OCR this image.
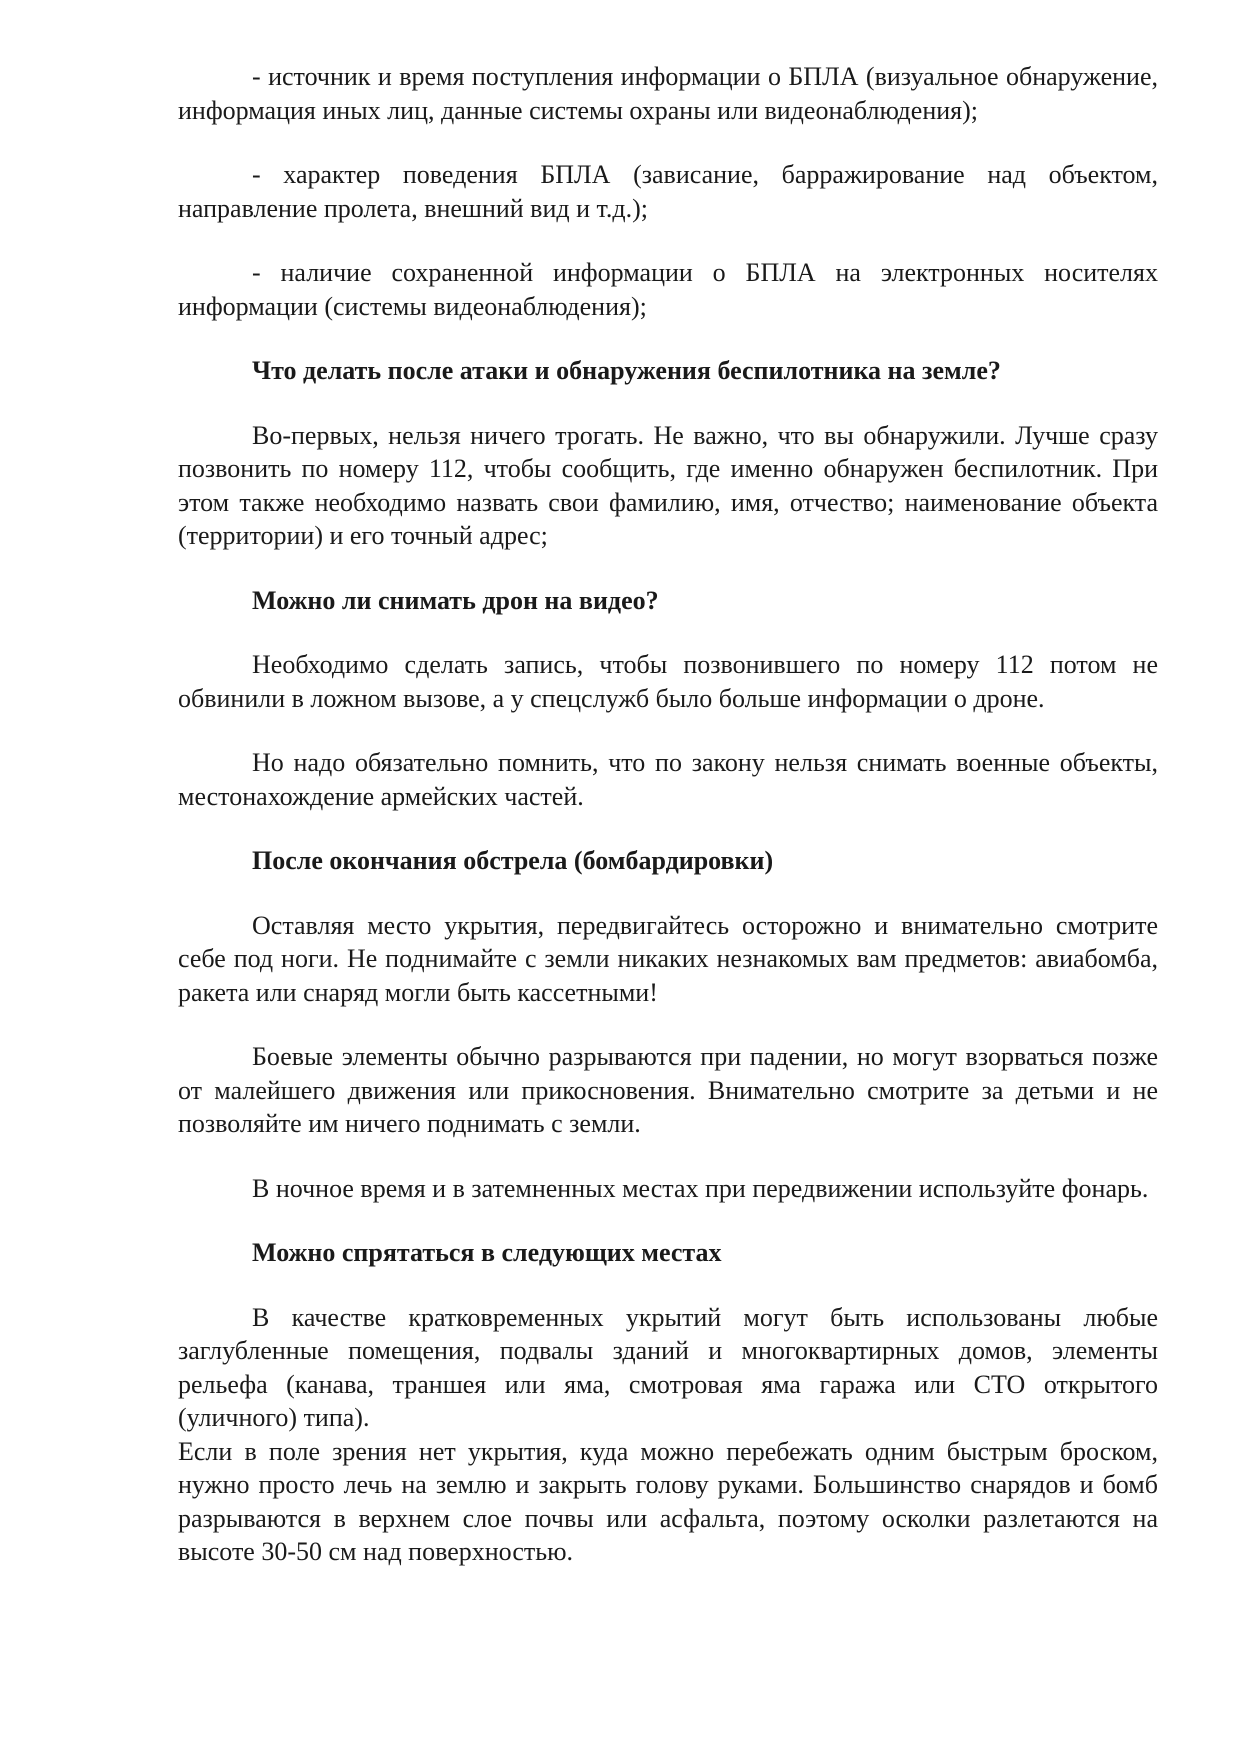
- источник и время поступления информации о БПЛА (визуальное обнаружение, информация иных лиц, данные системы охраны или видеонаблюдения);

- характер поведения БПЛА (зависание, барражирование над объектом, направление пролета, внешний вид и т.д.);

- наличие сохраненной информации о БПЛА на электронных носителях информации (системы видеонаблюдения);

Что делать после атаки и обнаружения беспилотника на земле?

Во-первых, нельзя ничего трогать. Не важно, что вы обнаружили. Лучше сразу позвонить по номеру 112, чтобы сообщить, где именно обнаружен беспилотник. При этом также необходимо назвать свои фамилию, имя, отчество; наименование объекта (территории) и его точный адрес;

Можно ли снимать дрон на видео?

Необходимо сделать запись, чтобы позвонившего по номеру 112 потом не обвинили в ложном вызове, а у спецслужб было больше информации о дроне.

Но надо обязательно помнить, что по закону нельзя снимать военные объекты, местонахождение армейских частей.

После окончания обстрела (бомбардировки)

Оставляя место укрытия, передвигайтесь осторожно и внимательно смотрите себе под ноги. Не поднимайте с земли никаких незнакомых вам предметов: авиабомба, ракета или снаряд могли быть кассетными!

Боевые элементы обычно разрываются при падении, но могут взорваться позже от малейшего движения или прикосновения. Внимательно смотрите за детьми и не позволяйте им ничего поднимать с земли.

В ночное время и в затемненных местах при передвижении используйте фонарь.

Можно спрятаться в следующих местах

В качестве кратковременных укрытий могут быть использованы любые заглубленные помещения, подвалы зданий и многоквартирных домов, элементы рельефа (канава, траншея или яма, смотровая яма гаража или СТО открытого (уличного) типа).
Если в поле зрения нет укрытия, куда можно перебежать одним быстрым броском, нужно просто лечь на землю и закрыть голову руками. Большинство снарядов и бомб разрываются в верхнем слое почвы или асфальта, поэтому осколки разлетаются на высоте 30-50 см над поверхностью.
